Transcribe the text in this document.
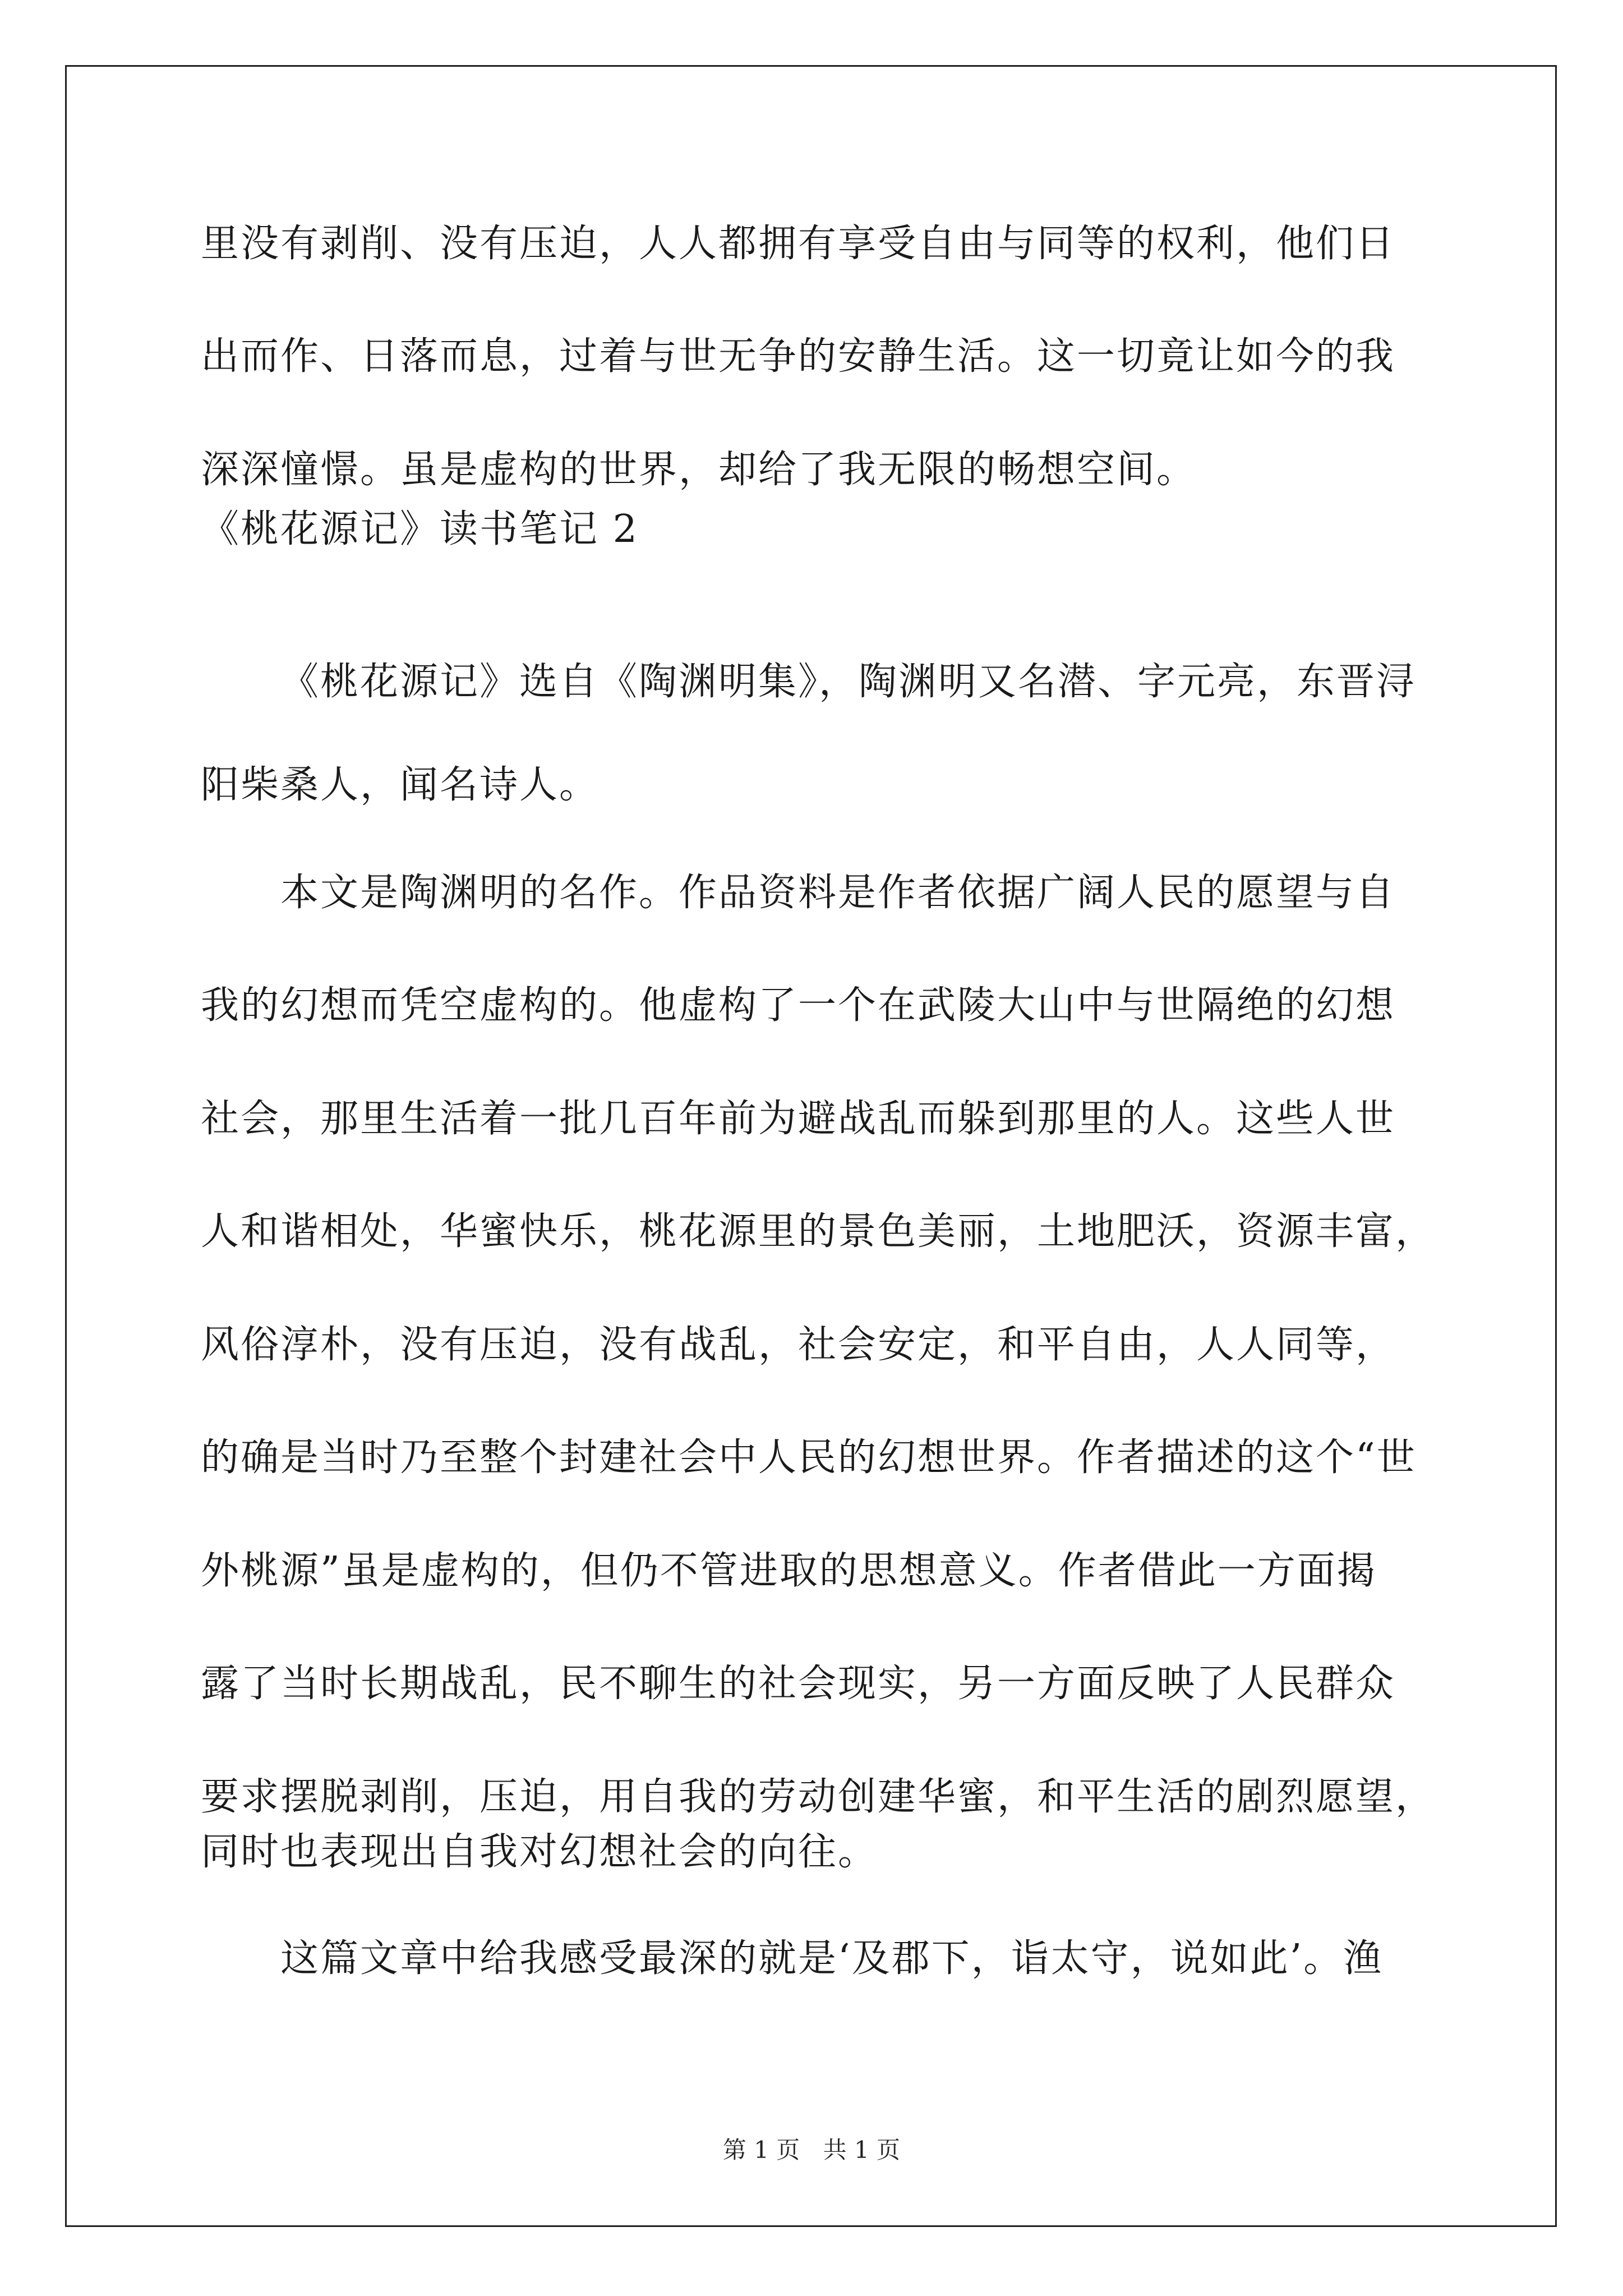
里没有剥削、没有压迫，人人都拥有享受自由与同等的权利，他们日
出而作、日落而息，过着与世无争的安静生活。这一切竟让如今的我
深深憧憬。虽是虚构的世界，却给了我无限的畅想空间。
《桃花源记》读书笔记 2
《桃花源记》选自《陶渊明集》，陶渊明又名潜、字元亮，东晋浔
阳柴桑人，闻名诗人。
本文是陶渊明的名作。作品资料是作者依据广阔人民的愿望与自
我的幻想而凭空虚构的。他虚构了一个在武陵大山中与世隔绝的幻想
社会，那里生活着一批几百年前为避战乱而躲到那里的人。这些人世
人和谐相处，华蜜快乐，桃花源里的景色美丽，土地肥沃，资源丰富，
风俗淳朴，没有压迫，没有战乱，社会安定，和平自由，人人同等，
的确是当时乃至整个封建社会中人民的幻想世界。作者描述的这个“世
外桃源”虽是虚构的，但仍不管进取的思想意义。作者借此一方面揭
露了当时长期战乱，民不聊生的社会现实，另一方面反映了人民群众
要求摆脱剥削，压迫，用自我的劳动创建华蜜，和平生活的剧烈愿望，
同时也表现出自我对幻想社会的向往。
这篇文章中给我感受最深的就是‘及郡下，诣太守，说如此’。渔
第 1 页 共 1 页
